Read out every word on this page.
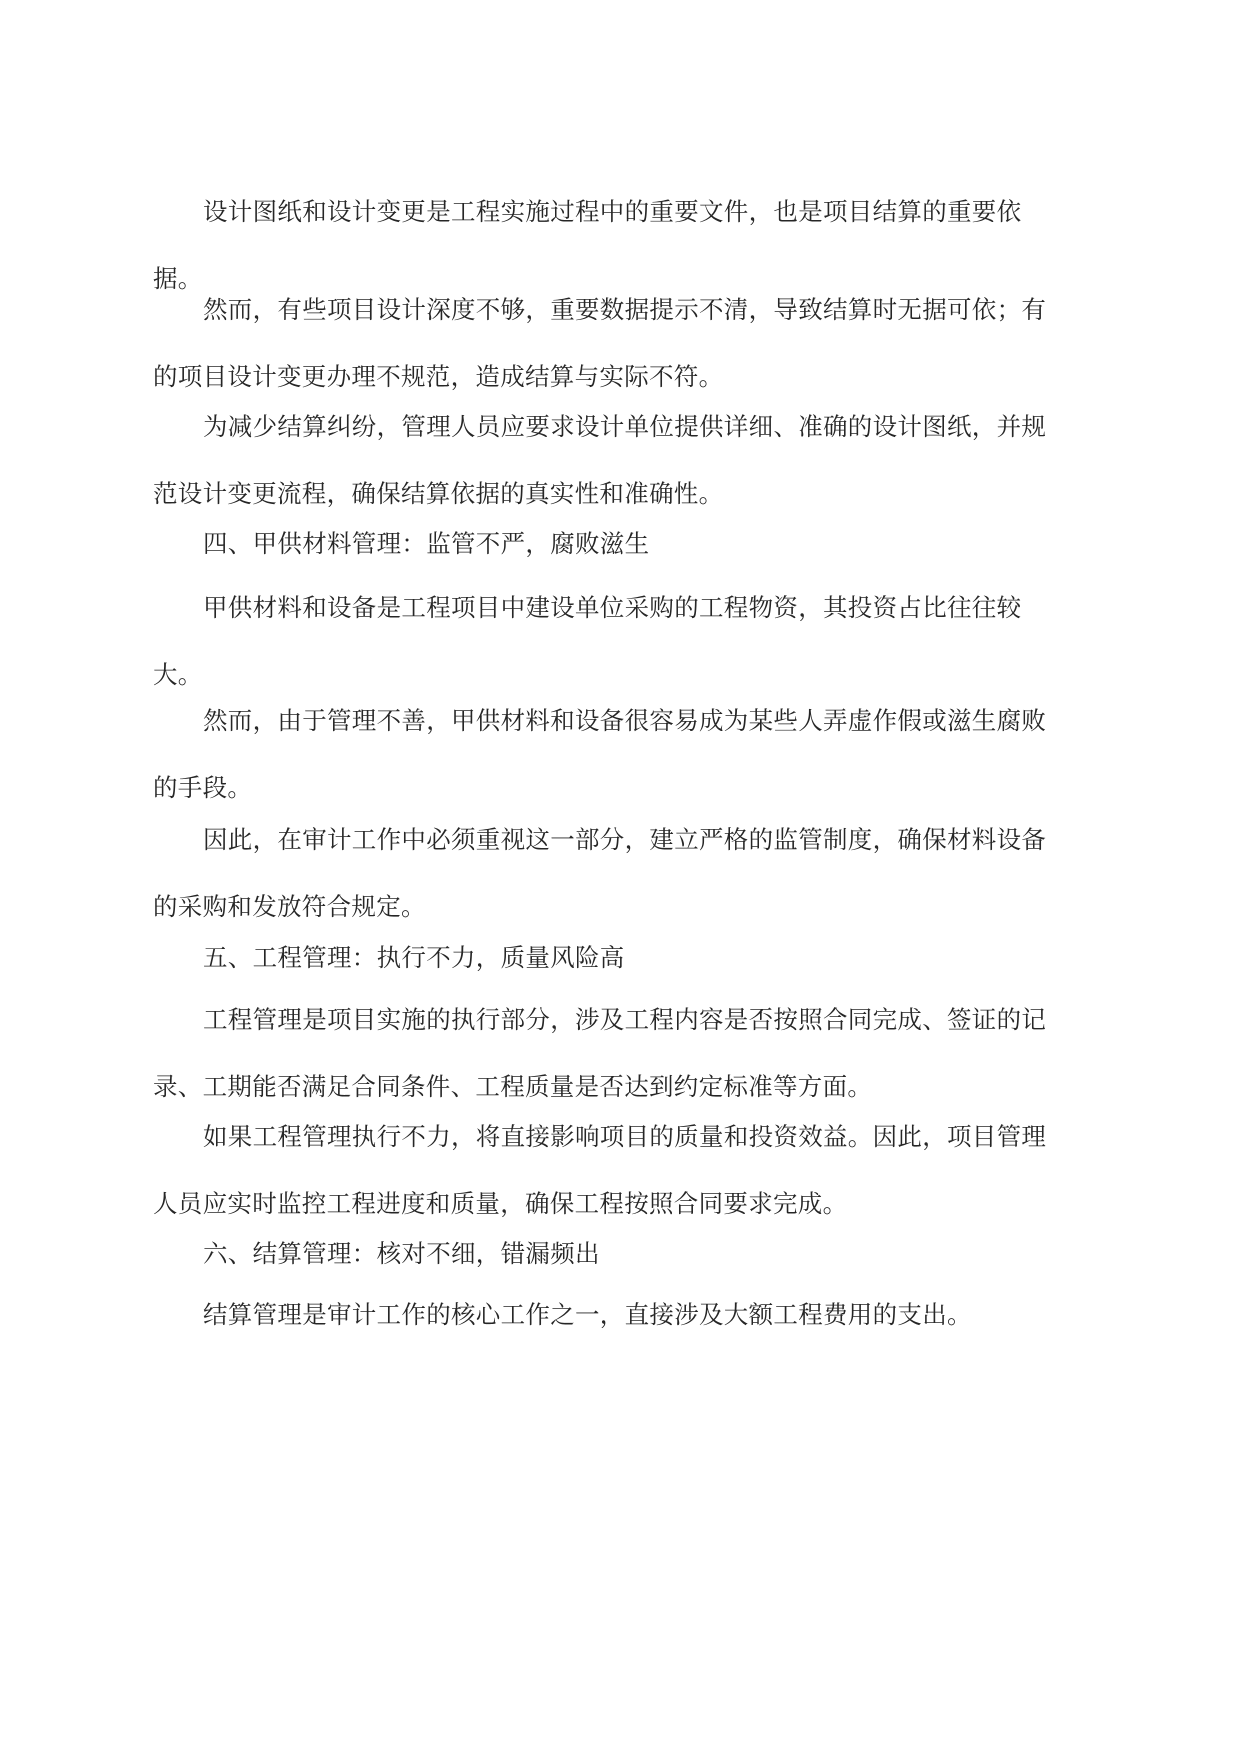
设计图纸和设计变更是工程实施过程中的重要文件，也是项目结算的重要依据。

然而，有些项目设计深度不够，重要数据提示不清，导致结算时无据可依；有的项目设计变更办理不规范，造成结算与实际不符。

为减少结算纠纷，管理人员应要求设计单位提供详细、准确的设计图纸，并规范设计变更流程，确保结算依据的真实性和准确性。

四、甲供材料管理：监管不严，腐败滋生

甲供材料和设备是工程项目中建设单位采购的工程物资，其投资占比往往较大。

然而，由于管理不善，甲供材料和设备很容易成为某些人弄虚作假或滋生腐败的手段。

因此，在审计工作中必须重视这一部分，建立严格的监管制度，确保材料设备的采购和发放符合规定。

五、工程管理：执行不力，质量风险高

工程管理是项目实施的执行部分，涉及工程内容是否按照合同完成、签证的记录、工期能否满足合同条件、工程质量是否达到约定标准等方面。

如果工程管理执行不力，将直接影响项目的质量和投资效益。因此，项目管理人员应实时监控工程进度和质量，确保工程按照合同要求完成。

六、结算管理：核对不细，错漏频出

结算管理是审计工作的核心工作之一，直接涉及大额工程费用的支出。
